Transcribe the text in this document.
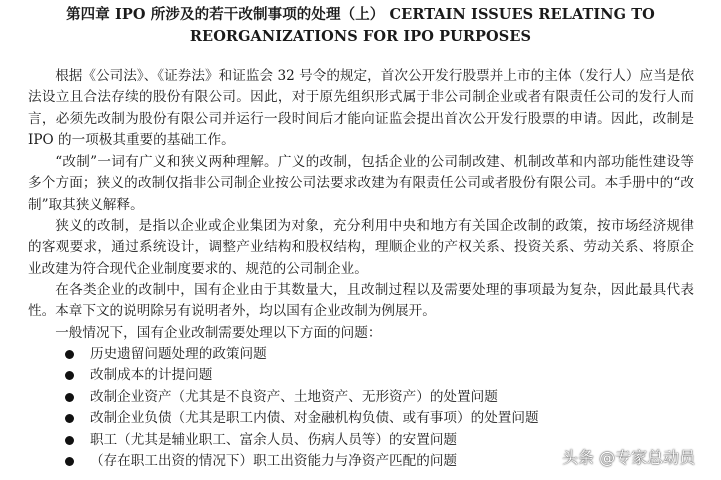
第四章 IPO 所涉及的若干改制事项的处理（上） CERTAIN ISSUES RELATING TO
REORGANIZATIONS FOR IPO PURPOSES

根据《公司法》、《证券法》和证监会 32 号令的规定，首次公开发行股票并上市的主体（发行人）应当是依法设立且合法存续的股份有限公司。因此，对于原先组织形式属于非公司制企业或者有限责任公司的发行人而言，必须先改制为股份有限公司并运行一段时间后才能向证监会提出首次公开发行股票的申请。因此，改制是 IPO 的一项极其重要的基础工作。

“改制”一词有广义和狭义两种理解。广义的改制，包括企业的公司制改建、机制改革和内部功能性建设等多个方面；狭义的改制仅指非公司制企业按公司法要求改建为有限责任公司或者股份有限公司。本手册中的“改制”取其狭义解释。

狭义的改制，是指以企业或企业集团为对象，充分利用中央和地方有关国企改制的政策，按市场经济规律的客观要求，通过系统设计，调整产业结构和股权结构，理顺企业的产权关系、投资关系、劳动关系、将原企业改建为符合现代企业制度要求的、规范的公司制企业。

在各类企业的改制中，国有企业由于其数量大，且改制过程以及需要处理的事项最为复杂，因此最具代表性。本章下文的说明除另有说明者外，均以国有企业改制为例展开。

一般情况下，国有企业改制需要处理以下方面的问题：

历史遗留问题处理的政策问题
改制成本的计提问题
改制企业资产（尤其是不良资产、土地资产、无形资产）的处置问题
改制企业负债（尤其是职工内债、对金融机构负债、或有事项）的处置问题
职工（尤其是辅业职工、富余人员、伤病人员等）的安置问题
（存在职工出资的情况下）职工出资能力与净资产匹配的问题	头条 @专家总动员
